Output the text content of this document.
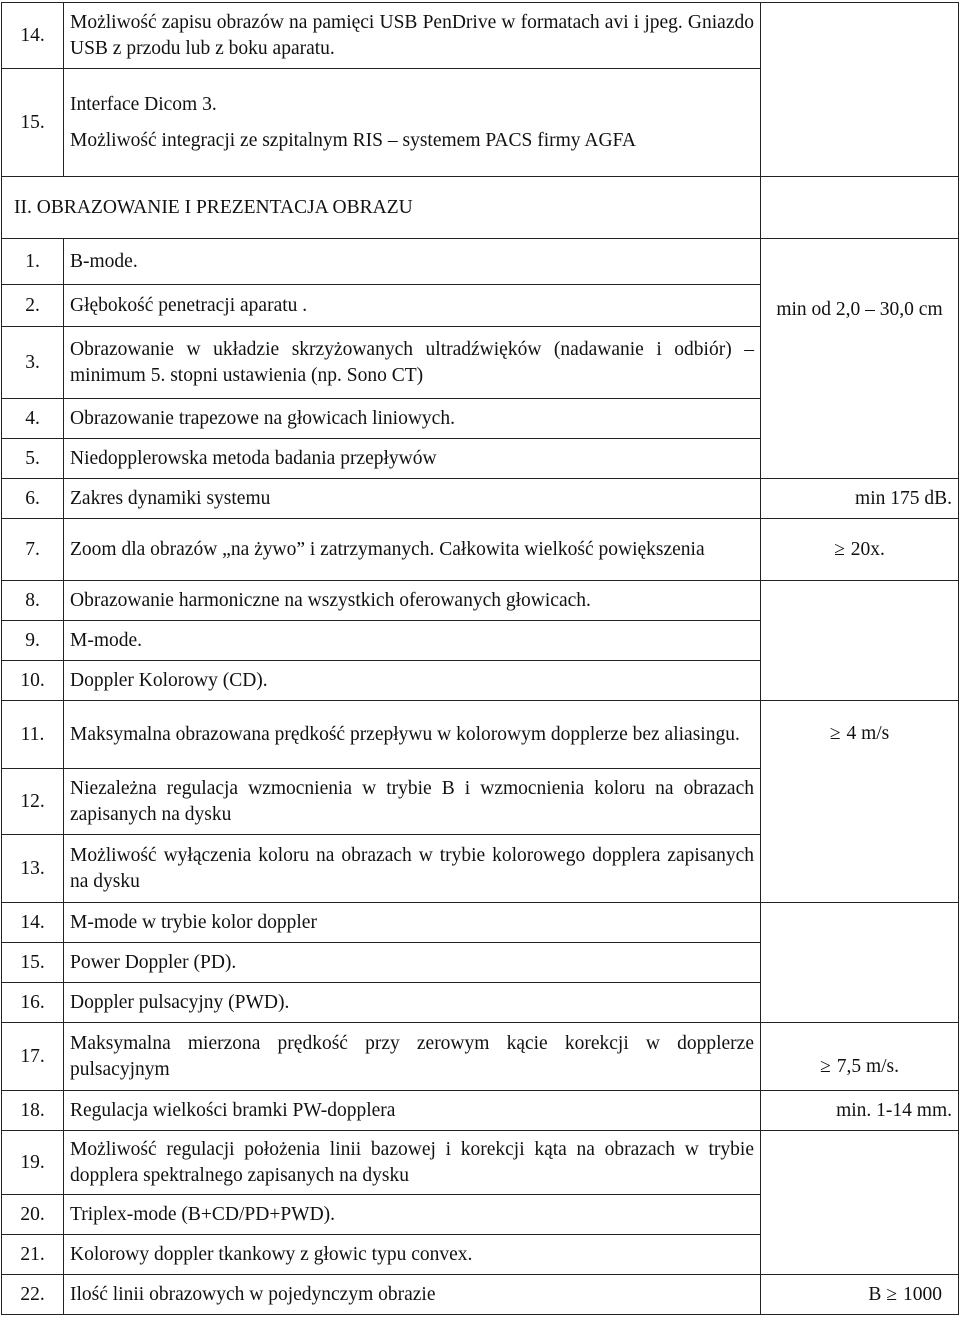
14.	Możliwość zapisu obrazów na pamięci USB PenDrive w formatach avi i jpeg. Gniazdo USB z przodu lub z boku aparatu.	
15.	Interface Dicom 3.
Możliwość integracji ze szpitalnym RIS – systemem PACS firmy AGFA	

II. OBRAZOWANIE I PREZENTACJA OBRAZU		
1.	B-mode.	min od 2,0 – 30,0 cm
2.	Głębokość penetracji aparatu .	
3.	Obrazowanie w układzie skrzyżowanych ultradźwięków (nadawanie i odbiór) – minimum 5. stopni ustawienia (np. Sono CT)	
4.	Obrazowanie trapezowe na głowicach liniowych.	
5.	Niedopplerowska metoda badania przepływów	
6.	Zakres dynamiki systemu	min 175 dB.
7.	Zoom dla obrazów „na żywo” i zatrzymanych. Całkowita wielkość powiększenia	≥ 20x.
8.	Obrazowanie harmoniczne na wszystkich oferowanych głowicach.	
9.	M-mode.	
10.	Doppler Kolorowy (CD).	
11.	Maksymalna obrazowana prędkość przepływu w kolorowym dopplerze bez aliasingu.	≥ 4 m/s
12.	Niezależna regulacja wzmocnienia w trybie B i wzmocnienia koloru na obrazach zapisanych na dysku	
13.	Możliwość wyłączenia koloru na obrazach w trybie kolorowego dopplera zapisanych na dysku	
14.	M-mode w trybie kolor doppler	
15.	Power Doppler (PD).	
16.	Doppler pulsacyjny (PWD).	
17.	Maksymalna mierzona prędkość przy zerowym kącie korekcji w dopplerze pulsacyjnym	≥ 7,5 m/s.
18.	Regulacja wielkości bramki PW-dopplera	min. 1-14 mm.
19.	Możliwość regulacji położenia linii bazowej i korekcji kąta na obrazach w trybie dopplera spektralnego zapisanych na dysku	
20.	Triplex-mode (B+CD/PD+PWD).	
21.	Kolorowy doppler tkankowy z głowic typu convex.	
22.	Ilość linii obrazowych w pojedynczym obrazie	B ≥ 1000
